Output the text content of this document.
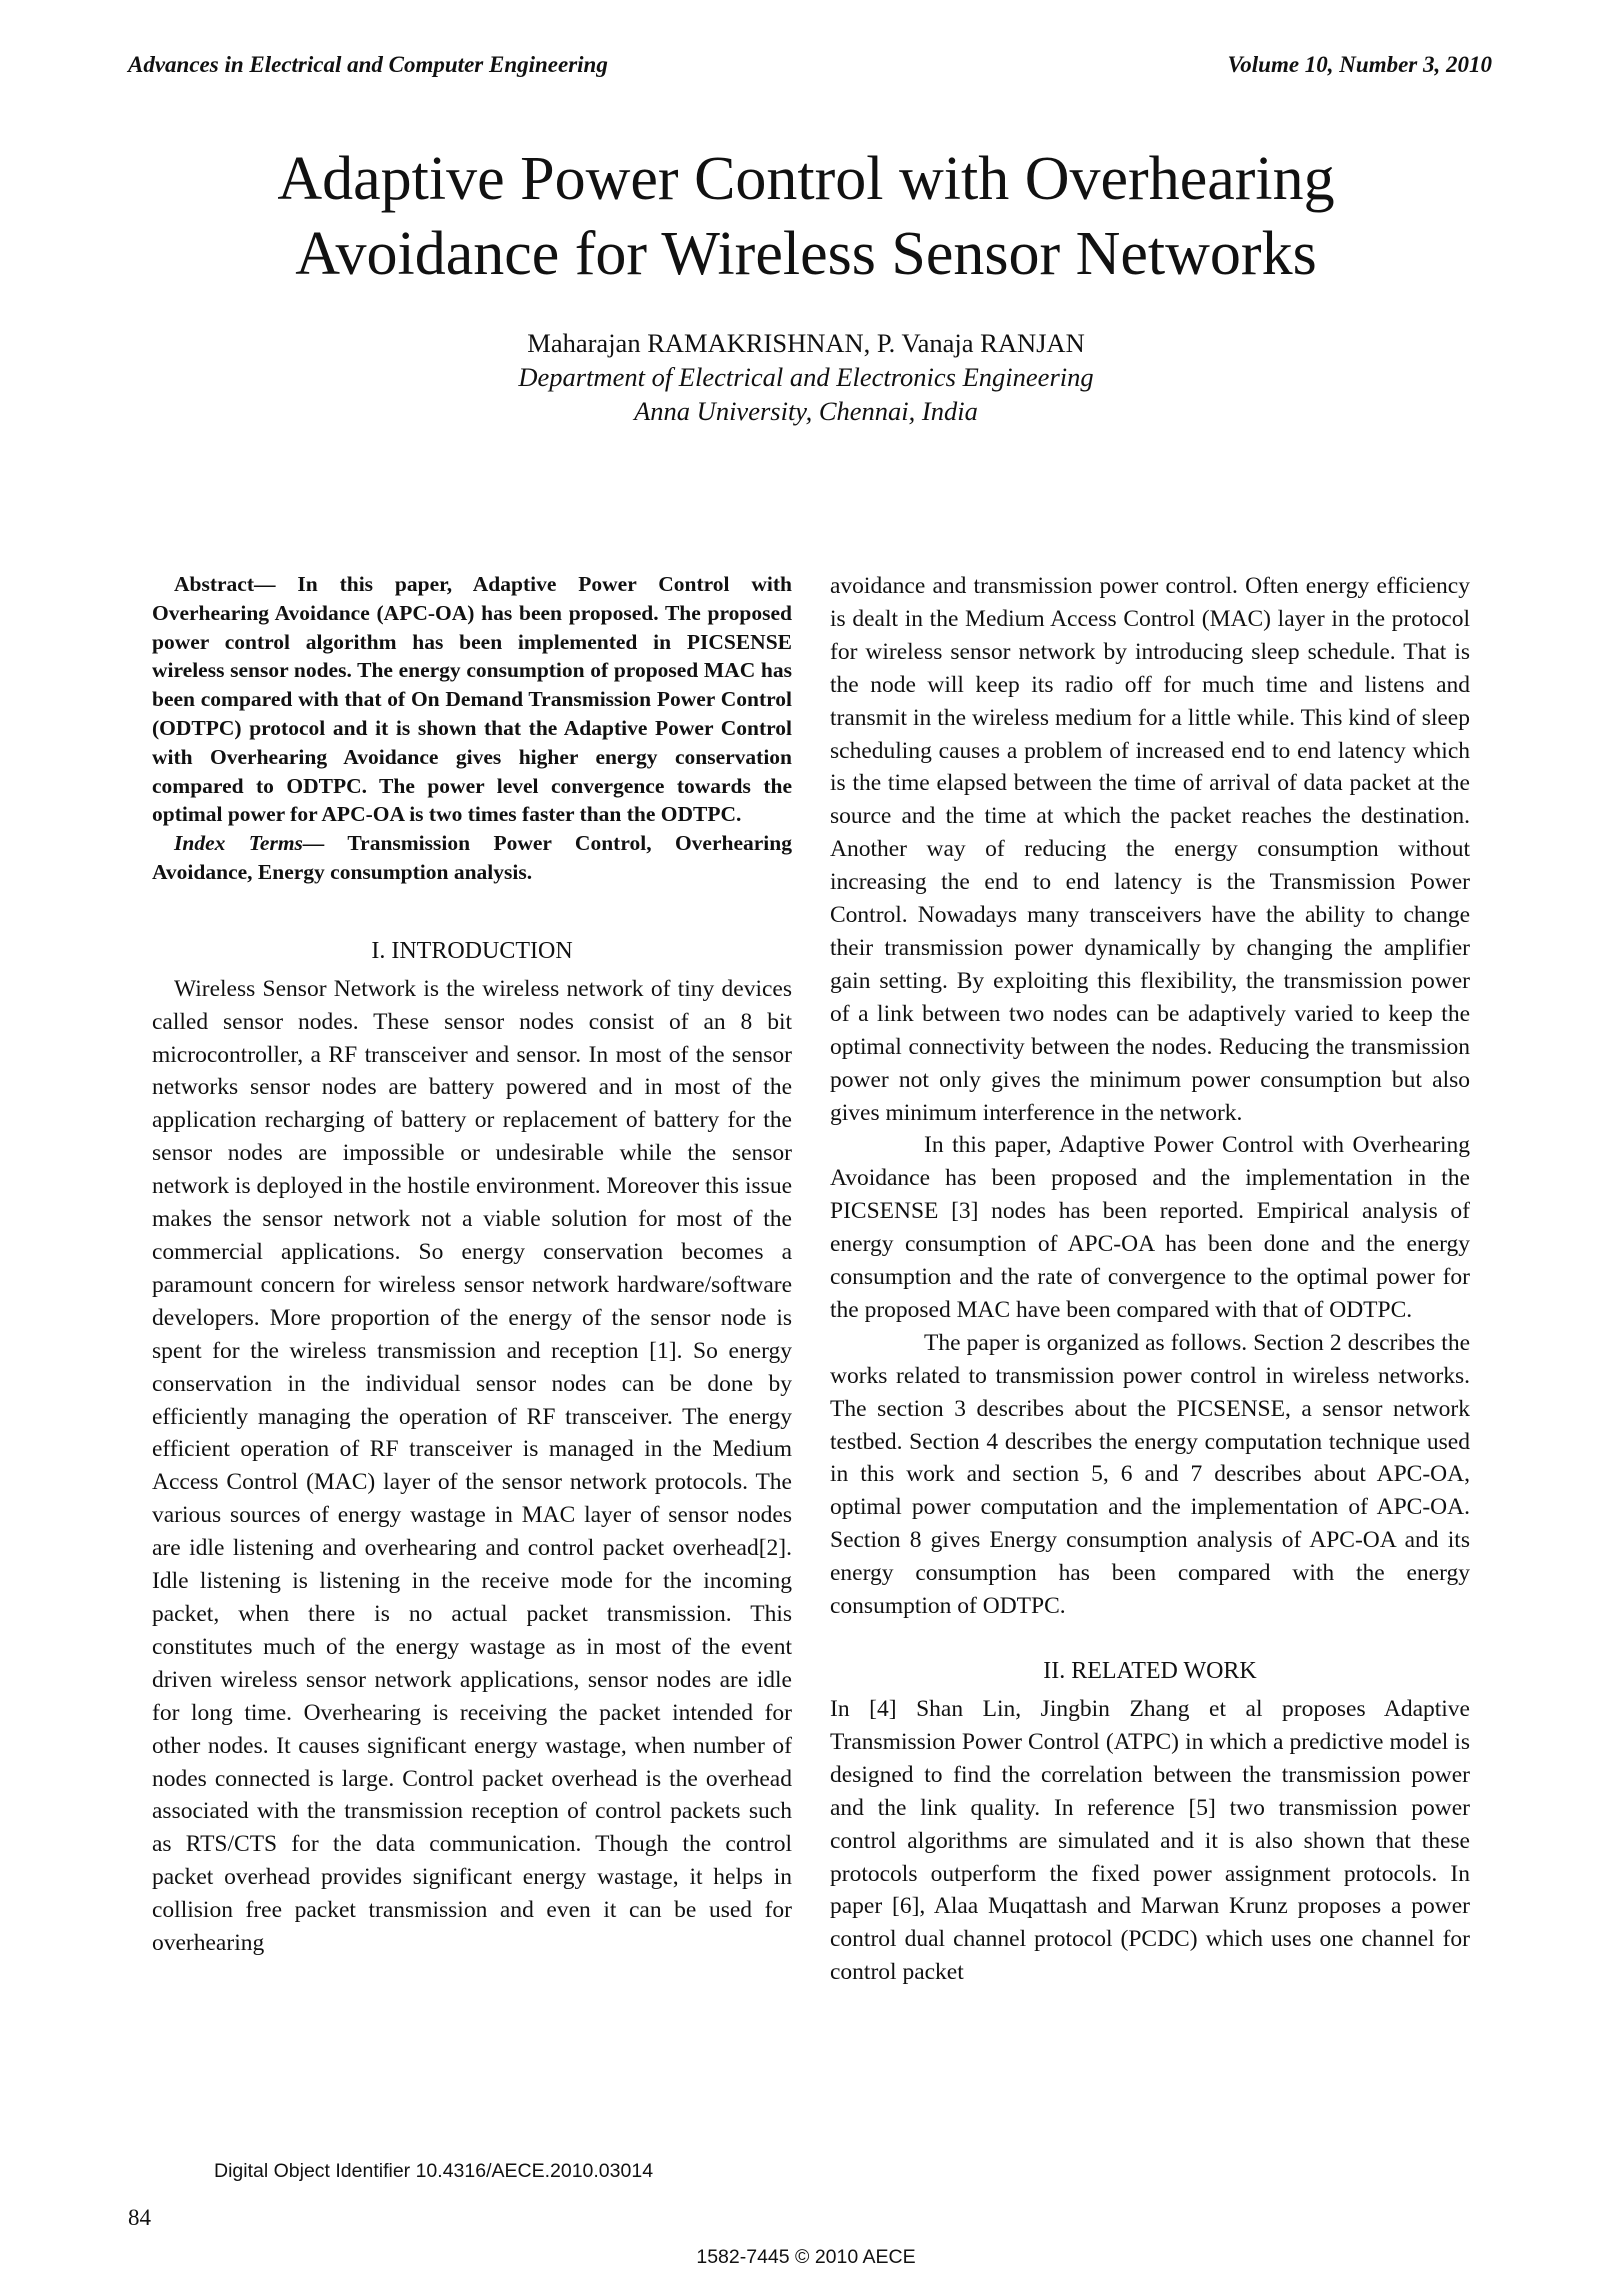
Advances in Electrical and Computer Engineering	Volume 10, Number 3, 2010
Adaptive Power Control with Overhearing
Avoidance for Wireless Sensor Networks
Maharajan RAMAKRISHNAN, P. Vanaja RANJAN
Department of Electrical and Electronics Engineering
Anna University, Chennai, India

Abstract— In this paper, Adaptive Power Control with Overhearing Avoidance (APC-OA) has been proposed. The proposed power control algorithm has been implemented in PICSENSE wireless sensor nodes. The energy consumption of proposed MAC has been compared with that of On Demand Transmission Power Control (ODTPC) protocol and it is shown that the Adaptive Power Control with Overhearing Avoidance gives higher energy conservation compared to ODTPC. The power level convergence towards the optimal power for APC-OA is two times faster than the ODTPC.

Index Terms— Transmission Power Control, Overhearing Avoidance, Energy consumption analysis.

I. INTRODUCTION

Wireless Sensor Network is the wireless network of tiny devices called sensor nodes. These sensor nodes consist of an 8 bit microcontroller, a RF transceiver and sensor. In most of the sensor networks sensor nodes are battery powered and in most of the application recharging of battery or replacement of battery for the sensor nodes are impossible or undesirable while the sensor network is deployed in the hostile environment. Moreover this issue makes the sensor network not a viable solution for most of the commercial applications. So energy conservation becomes a paramount concern for wireless sensor network hardware/software developers. More proportion of the energy of the sensor node is spent for the wireless transmission and reception [1]. So energy conservation in the individual sensor nodes can be done by efficiently managing the operation of RF transceiver. The energy efficient operation of RF transceiver is managed in the Medium Access Control (MAC) layer of the sensor network protocols. The various sources of energy wastage in MAC layer of sensor nodes are idle listening and overhearing and control packet overhead[2]. Idle listening is listening in the receive mode for the incoming packet, when there is no actual packet transmission. This constitutes much of the energy wastage as in most of the event driven wireless sensor network applications, sensor nodes are idle for long time. Overhearing is receiving the packet intended for other nodes. It causes significant energy wastage, when number of nodes connected is large. Control packet overhead is the overhead associated with the transmission reception of control packets such as RTS/CTS for the data communication. Though the control packet overhead provides significant energy wastage, it helps in collision free packet transmission and even it can be used for overhearing

avoidance and transmission power control. Often energy efficiency is dealt in the Medium Access Control (MAC) layer in the protocol for wireless sensor network by introducing sleep schedule. That is the node will keep its radio off for much time and listens and transmit in the wireless medium for a little while. This kind of sleep scheduling causes a problem of increased end to end latency which is the time elapsed between the time of arrival of data packet at the source and the time at which the packet reaches the destination. Another way of reducing the energy consumption without increasing the end to end latency is the Transmission Power Control. Nowadays many transceivers have the ability to change their transmission power dynamically by changing the amplifier gain setting. By exploiting this flexibility, the transmission power of a link between two nodes can be adaptively varied to keep the optimal connectivity between the nodes. Reducing the transmission power not only gives the minimum power consumption but also gives minimum interference in the network.

In this paper, Adaptive Power Control with Overhearing Avoidance has been proposed and the implementation in the PICSENSE [3] nodes has been reported. Empirical analysis of energy consumption of APC-OA has been done and the energy consumption and the rate of convergence to the optimal power for the proposed MAC have been compared with that of ODTPC.

The paper is organized as follows. Section 2 describes the works related to transmission power control in wireless networks. The section 3 describes about the PICSENSE, a sensor network testbed. Section 4 describes the energy computation technique used in this work and section 5, 6 and 7 describes about APC-OA, optimal power computation and the implementation of APC-OA. Section 8 gives Energy consumption analysis of APC-OA and its energy consumption has been compared with the energy consumption of ODTPC.

II. RELATED WORK

In [4] Shan Lin, Jingbin Zhang et al proposes Adaptive Transmission Power Control (ATPC) in which a predictive model is designed to find the correlation between the transmission power and the link quality. In reference [5] two transmission power control algorithms are simulated and it is also shown that these protocols outperform the fixed power assignment protocols. In paper [6], Alaa Muqattash and Marwan Krunz proposes a power control dual channel protocol (PCDC) which uses one channel for control packet

Digital Object Identifier 10.4316/AECE.2010.03014
84
1582-7445 © 2010 AECE
